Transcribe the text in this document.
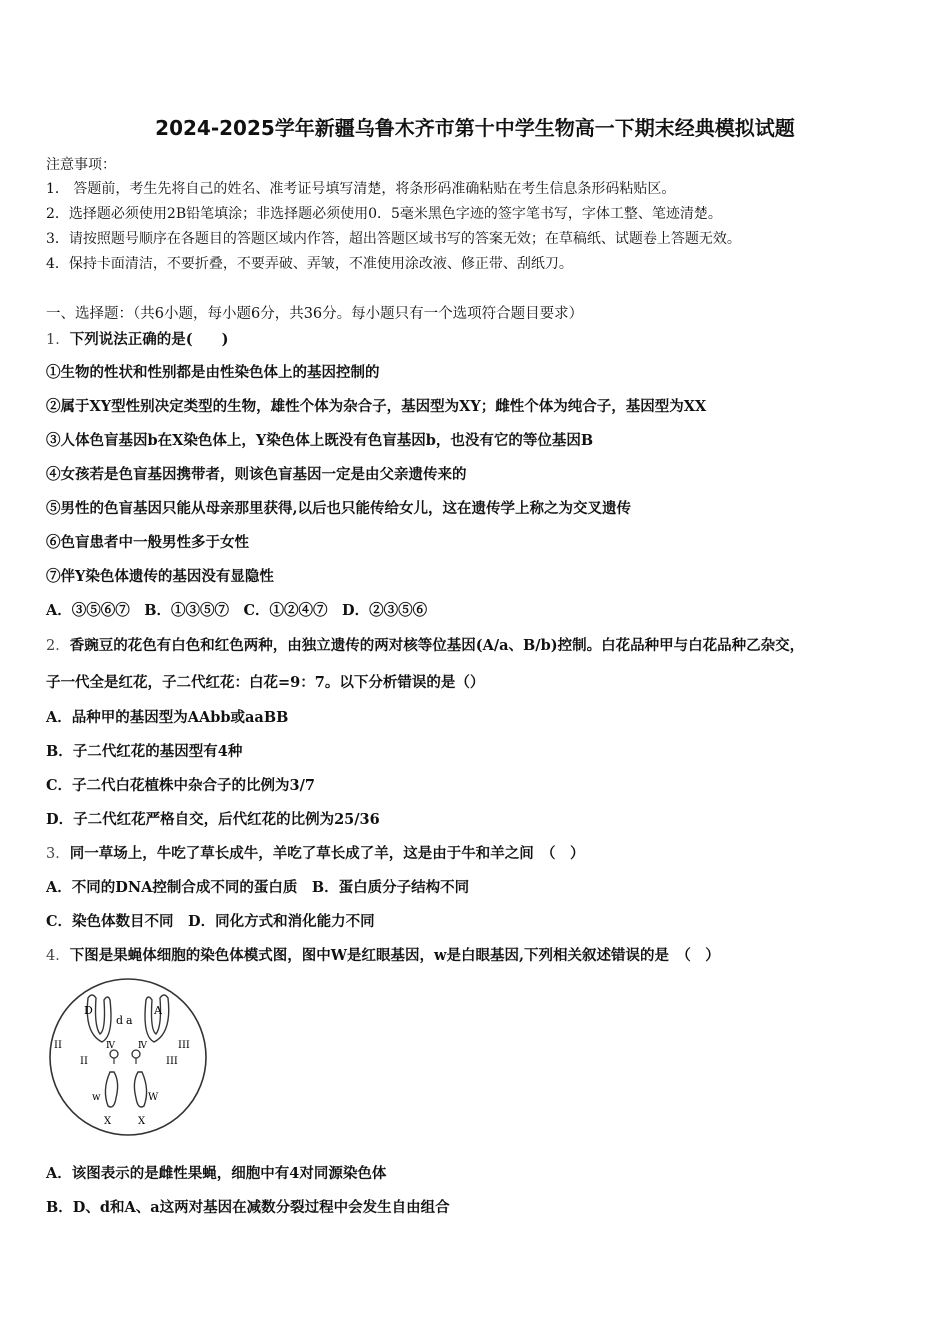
2024-2025学年新疆乌鲁木齐市第十中学生物高一下期末经典模拟试题
注意事项：
1． 答题前，考生先将自己的姓名、准考证号填写清楚，将条形码准确粘贴在考生信息条形码粘贴区。
2．选择题必须使用2B铅笔填涂；非选择题必须使用0．5毫米黑色字迹的签字笔书写，字体工整、笔迹清楚。
3．请按照题号顺序在各题目的答题区域内作答，超出答题区域书写的答案无效；在草稿纸、试题卷上答题无效。
4．保持卡面清洁，不要折叠，不要弄破、弄皱，不准使用涂改液、修正带、刮纸刀。
一、选择题：（共6小题，每小题6分，共36分。每小题只有一个选项符合题目要求）
1．下列说法正确的是(　　)
①生物的性状和性别都是由性染色体上的基因控制的
②属于XY型性别决定类型的生物，雄性个体为杂合子，基因型为XY；雌性个体为纯合子，基因型为XX
③人体色盲基因b在X染色体上，Y染色体上既没有色盲基因b，也没有它的等位基因B
④女孩若是色盲基因携带者，则该色盲基因一定是由父亲遗传来的
⑤男性的色盲基因只能从母亲那里获得,以后也只能传给女儿，这在遗传学上称之为交叉遗传
⑥色盲患者中一般男性多于女性
⑦伴Y染色体遗传的基因没有显隐性
A．③⑤⑥⑦　B．①③⑤⑦　C．①②④⑦　D．②③⑤⑥
2．香豌豆的花色有白色和红色两种，由独立遗传的两对核等位基因(A/a、B/b)控制。白花品种甲与白花品种乙杂交，
子一代全是红花，子二代红花：白花=9：7。以下分析错误的是（）
A．品种甲的基因型为AAbb或aaBB
B．子二代红花的基因型有4种
C．子二代白花植株中杂合子的比例为3/7
D．子二代红花严格自交，后代红花的比例为25/36
3．同一草场上，牛吃了草长成牛，羊吃了草长成了羊，这是由于牛和羊之间　（　）
A．不同的DNA控制合成不同的蛋白质　B．蛋白质分子结构不同
C．染色体数目不同　D．同化方式和消化能力不同
4．下图是果蝇体细胞的染色体模式图，图中W是红眼基因，w是白眼基因,下列相关叙述错误的是　（　）
D
d a
A
II
II
Ⅳ	Ⅳ
III
III
w	W
X	X
A．该图表示的是雌性果蝇，细胞中有4对同源染色体
B．D、d和A、a这两对基因在减数分裂过程中会发生自由组合
